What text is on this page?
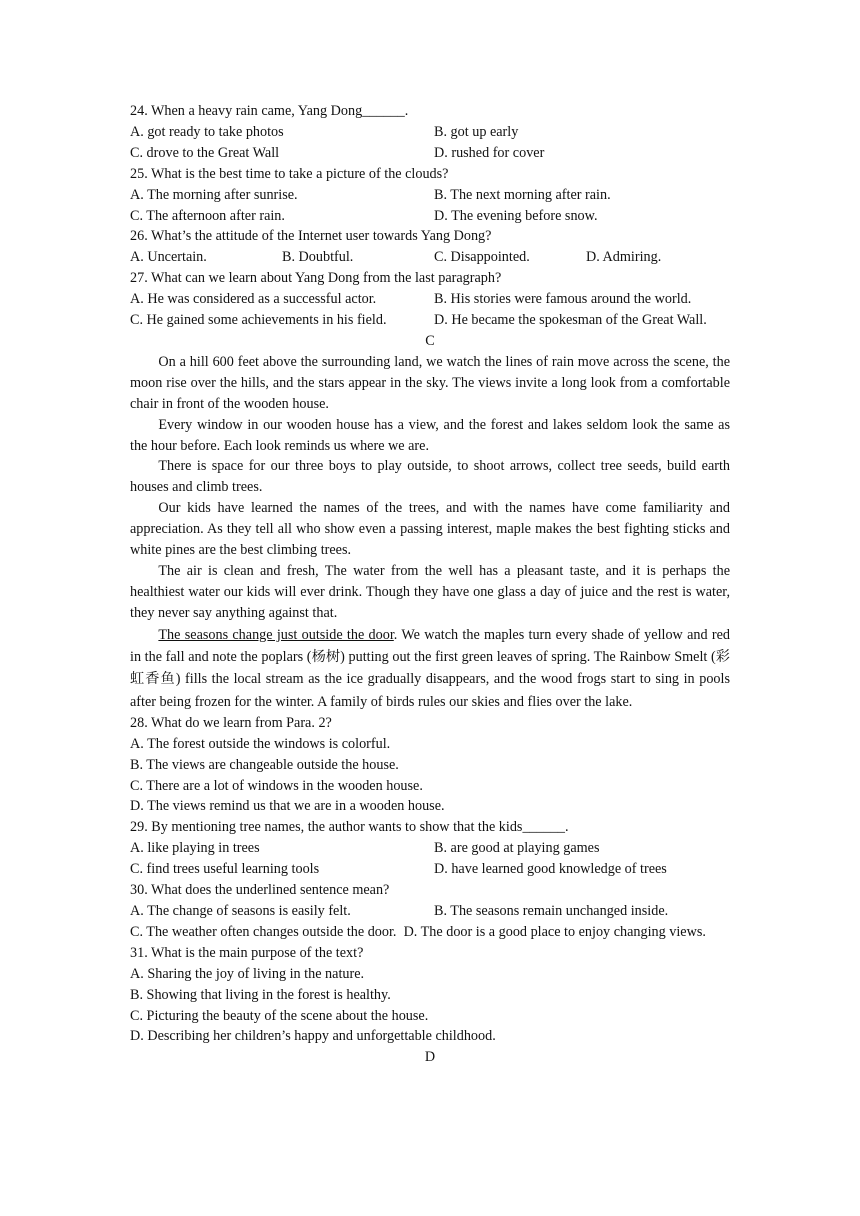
24. When a heavy rain came, Yang Dong______.
A. got ready to take photos	B. got up early
C. drove to the Great Wall	D. rushed for cover
25. What is the best time to take a picture of the clouds?
A. The morning after sunrise.	B. The next morning after rain.
C. The afternoon after rain.	D. The evening before snow.
26. What’s the attitude of the Internet user towards Yang Dong?
A. Uncertain.	B. Doubtful.	C. Disappointed.	D. Admiring.
27. What can we learn about Yang Dong from the last paragraph?
A. He was considered as a successful actor.	B. His stories were famous around the world.
C. He gained some achievements in his field.	D. He became the spokesman of the Great Wall.
C
On a hill 600 feet above the surrounding land, we watch the lines of rain move across the scene, the moon rise over the hills, and the stars appear in the sky. The views invite a long look from a comfortable chair in front of the wooden house.
Every window in our wooden house has a view, and the forest and lakes seldom look the same as the hour before. Each look reminds us where we are.
There is space for our three boys to play outside, to shoot arrows, collect tree seeds, build earth houses and climb trees.
Our kids have learned the names of the trees, and with the names have come familiarity and appreciation. As they tell all who show even a passing interest, maple makes the best fighting sticks and white pines are the best climbing trees.
The air is clean and fresh, The water from the well has a pleasant taste, and it is perhaps the healthiest water our kids will ever drink. Though they have one glass a day of juice and the rest is water, they never say anything against that.
The seasons change just outside the door. We watch the maples turn every shade of yellow and red in the fall and note the poplars (杨树) putting out the first green leaves of spring. The Rainbow Smelt (彩虹香鱼) fills the local stream as the ice gradually disappears, and the wood frogs start to sing in pools after being frozen for the winter. A family of birds rules our skies and flies over the lake.
28. What do we learn from Para. 2?
A. The forest outside the windows is colorful.
B. The views are changeable outside the house.
C. There are a lot of windows in the wooden house.
D. The views remind us that we are in a wooden house.
29. By mentioning tree names, the author wants to show that the kids______.
A. like playing in trees	B. are good at playing games
C. find trees useful learning tools	D. have learned good knowledge of trees
30. What does the underlined sentence mean?
A. The change of seasons is easily felt.	B. The seasons remain unchanged inside.
C. The weather often changes outside the door. D. The door is a good place to enjoy changing views.
31. What is the main purpose of the text?
A. Sharing the joy of living in the nature.
B. Showing that living in the forest is healthy.
C. Picturing the beauty of the scene about the house.
D. Describing her children’s happy and unforgettable childhood.
D
